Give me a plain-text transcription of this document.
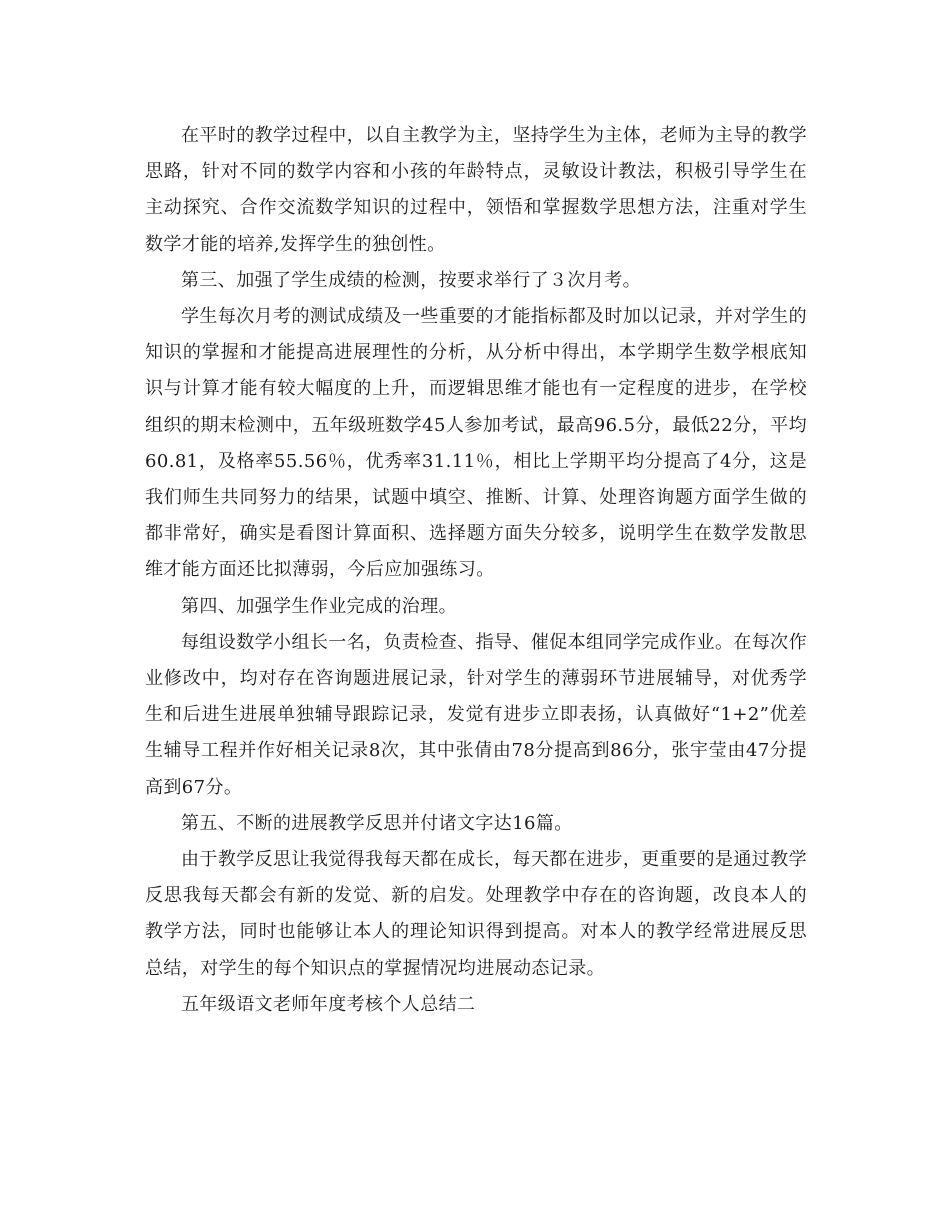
在平时的教学过程中，以自主教学为主，坚持学生为主体，老师为主导的教学思路，针对不同的数学内容和小孩的年龄特点，灵敏设计教法，积极引导学生在主动探究、合作交流数学知识的过程中，领悟和掌握数学思想方法，注重对学生数学才能的培养,发挥学生的独创性。

第三、加强了学生成绩的检测，按要求举行了３次月考。

学生每次月考的测试成绩及一些重要的才能指标都及时加以记录，并对学生的知识的掌握和才能提高进展理性的分析，从分析中得出，本学期学生数学根底知识与计算才能有较大幅度的上升，而逻辑思维才能也有一定程度的进步，在学校组织的期末检测中，五年级班数学45人参加考试，最高96.5分，最低22分，平均60.81，及格率55.56％，优秀率31.11％，相比上学期平均分提高了4分，这是我们师生共同努力的结果，试题中填空、推断、计算、处理咨询题方面学生做的都非常好，确实是看图计算面积、选择题方面失分较多，说明学生在数学发散思维才能方面还比拟薄弱，今后应加强练习。

第四、加强学生作业完成的治理。

每组设数学小组长一名，负责检查、指导、催促本组同学完成作业。在每次作业修改中，均对存在咨询题进展记录，针对学生的薄弱环节进展辅导，对优秀学生和后进生进展单独辅导跟踪记录，发觉有进步立即表扬，认真做好“1+2”优差生辅导工程并作好相关记录8次，其中张倩由78分提高到86分，张宇莹由47分提高到67分。

第五、不断的进展教学反思并付诸文字达16篇。

由于教学反思让我觉得我每天都在成长，每天都在进步，更重要的是通过教学反思我每天都会有新的发觉、新的启发。处理教学中存在的咨询题，改良本人的教学方法，同时也能够让本人的理论知识得到提高。对本人的教学经常进展反思总结，对学生的每个知识点的掌握情况均进展动态记录。

五年级语文老师年度考核个人总结二
